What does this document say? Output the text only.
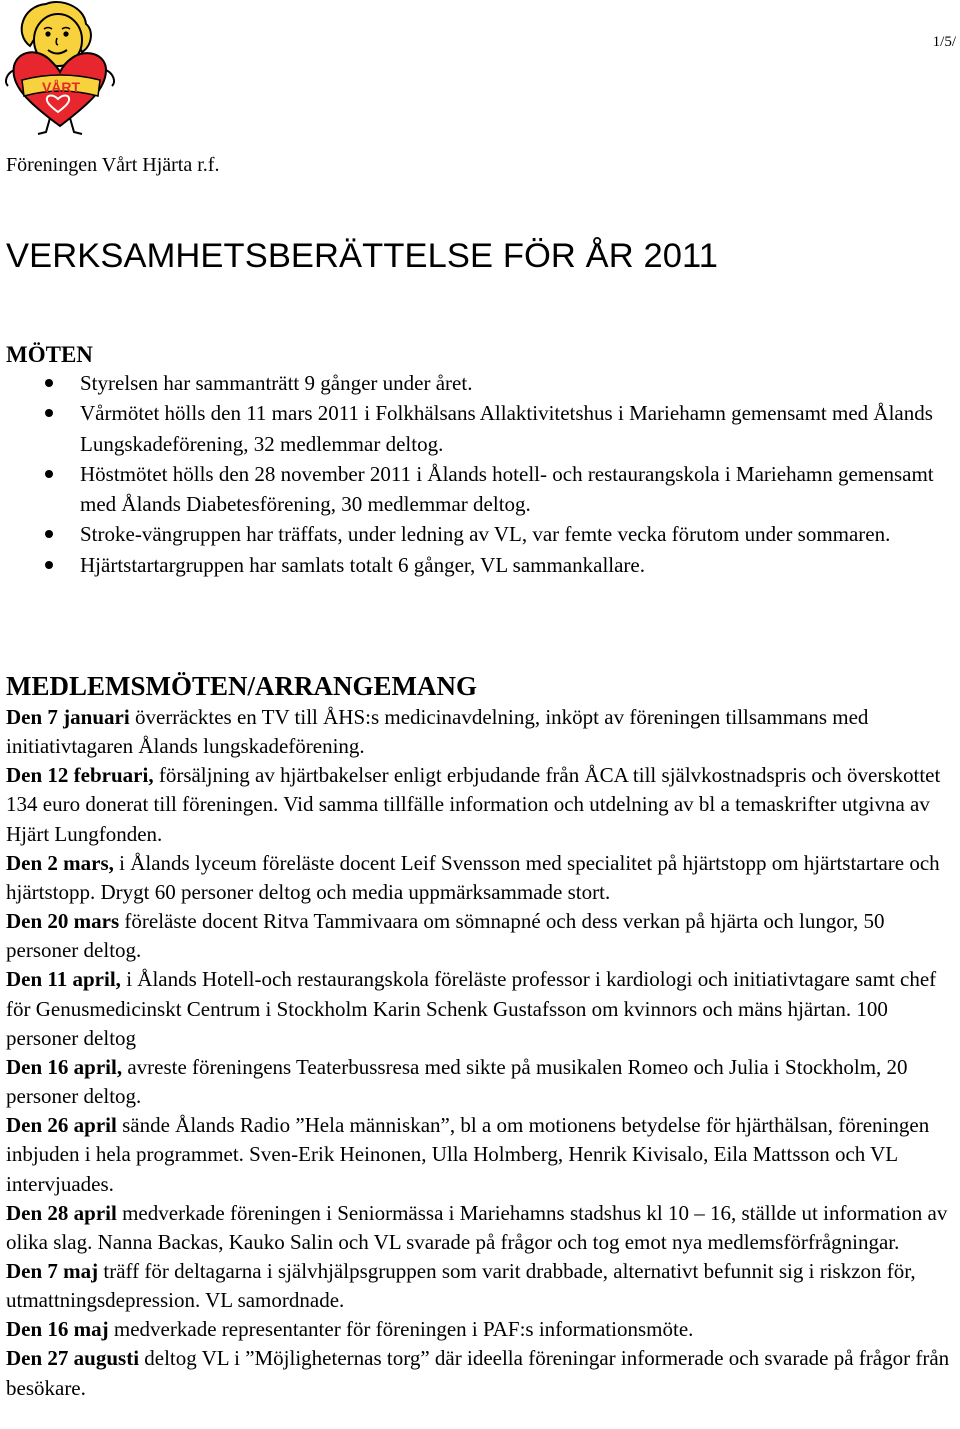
VÅRT
Föreningen Vårt Hjärta r.f.
1/5/
VERKSAMHETSBERÄTTELSE FÖR ÅR 2011
MÖTEN
Styrelsen har sammanträtt 9 gånger under året.
Vårmötet hölls den 11 mars 2011 i Folkhälsans Allaktivitetshus i Mariehamn gemensamt med Ålands Lungskadeförening, 32 medlemmar deltog.
Höstmötet hölls den 28 november 2011 i Ålands hotell- och restaurangskola i Mariehamn gemensamt med Ålands Diabetesförening, 30 medlemmar deltog.
Stroke-vängruppen har träffats, under ledning av VL, var femte vecka förutom under sommaren.
Hjärtstartargruppen har samlats totalt 6 gånger, VL sammankallare.
MEDLEMSMÖTEN/ARRANGEMANG

Den 7 januari överräcktes en TV till ÅHS:s medicinavdelning, inköpt av föreningen tillsammans med initiativtagaren Ålands lungskadeförening.

Den 12 februari, försäljning av hjärtbakelser enligt erbjudande från ÅCA till självkostnadspris och överskottet 134 euro donerat till föreningen. Vid samma tillfälle information och utdelning av bl a temaskrifter utgivna av Hjärt Lungfonden.

Den 2 mars, i Ålands lyceum föreläste docent Leif Svensson med specialitet på hjärtstopp om hjärtstartare och hjärtstopp. Drygt 60 personer deltog och media uppmärksammade stort.

Den 20 mars föreläste docent Ritva Tammivaara om sömnapné och dess verkan på hjärta och lungor, 50 personer deltog.

Den 11 april, i Ålands Hotell-och restaurangskola föreläste professor i kardiologi och initiativtagare samt chef för Genusmedicinskt Centrum i Stockholm Karin Schenk Gustafsson om kvinnors och mäns hjärtan. 100 personer deltog

Den 16 april, avreste föreningens Teaterbussresa med sikte på musikalen Romeo och Julia i Stockholm, 20 personer deltog.

Den 26 april sände Ålands Radio ”Hela människan”, bl a om motionens betydelse för hjärthälsan, föreningen inbjuden i hela programmet. Sven-Erik Heinonen, Ulla Holmberg, Henrik Kivisalo, Eila Mattsson och VL intervjuades.

Den 28 april medverkade föreningen i Seniormässa i Mariehamns stadshus kl 10 – 16, ställde ut information av olika slag. Nanna Backas, Kauko Salin och VL svarade på frågor och tog emot nya medlemsförfrågningar.

Den 7 maj träff för deltagarna i självhjälpsgruppen som varit drabbade, alternativt befunnit sig i riskzon för, utmattningsdepression. VL samordnade.

Den 16 maj medverkade representanter för föreningen i PAF:s informationsmöte.

Den 27 augusti deltog VL i ”Möjligheternas torg” där ideella föreningar informerade och svarade på frågor från besökare.
